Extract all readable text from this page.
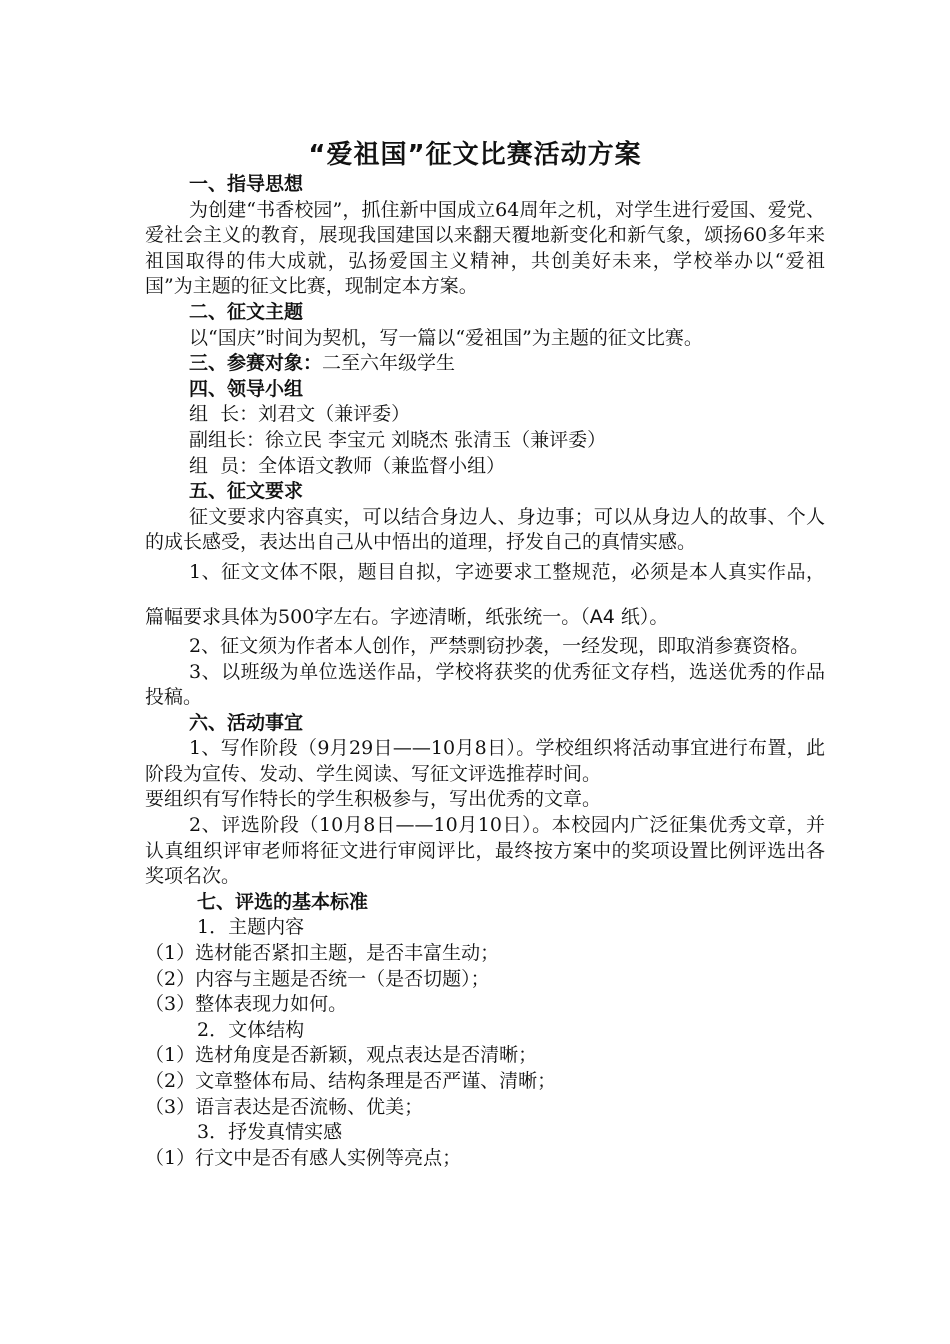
“爱祖国”征文比赛活动方案
一、指导思想
为创建“书香校园”，抓住新中国成立64周年之机，对学生进行爱国、爱党、爱社会主义的教育，展现我国建国以来翻天覆地新变化和新气象，颂扬60多年来祖国取得的伟大成就，弘扬爱国主义精神，共创美好未来，学校举办以“爱祖国”为主题的征文比赛，现制定本方案。
二、征文主题
以“国庆”时间为契机，写一篇以“爱祖国”为主题的征文比赛。
三、参赛对象：二至六年级学生
四、领导小组
组  长：刘君文（兼评委）
副组长：徐立民 李宝元 刘晓杰 张清玉（兼评委）
组  员：全体语文教师（兼监督小组）
五、征文要求
征文要求内容真实，可以结合身边人、身边事；可以从身边人的故事、个人的成长感受，表达出自己从中悟出的道理，抒发自己的真情实感。
1、征文文体不限，题目自拟，字迹要求工整规范，必须是本人真实作品，篇幅要求具体为500字左右。字迹清晰，纸张统一。（A4 纸）。
2、征文须为作者本人创作，严禁剽窃抄袭，一经发现，即取消参赛资格。
3、以班级为单位选送作品，学校将获奖的优秀征文存档，选送优秀的作品投稿。
六、活动事宜
1、写作阶段（9月29日——10月8日）。学校组织将活动事宜进行布置，此阶段为宣传、发动、学生阅读、写征文评选推荐时间。
要组织有写作特长的学生积极参与，写出优秀的文章。
2、评选阶段（10月8日——10月10日）。本校园内广泛征集优秀文章，并认真组织评审老师将征文进行审阅评比，最终按方案中的奖项设置比例评选出各奖项名次。
七、评选的基本标准
1．主题内容
（1）选材能否紧扣主题，是否丰富生动；
（2）内容与主题是否统一（是否切题）；
（3）整体表现力如何。
2．文体结构
（1）选材角度是否新颖，观点表达是否清晰；
（2）文章整体布局、结构条理是否严谨、清晰；
（3）语言表达是否流畅、优美；
3．抒发真情实感
（1）行文中是否有感人实例等亮点；
